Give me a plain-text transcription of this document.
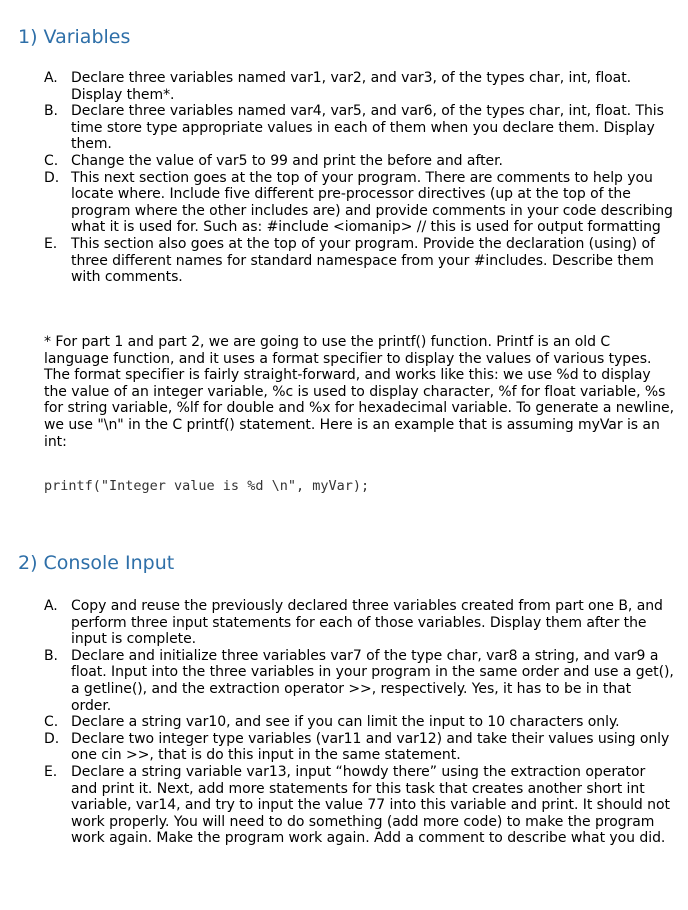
1) Variables
A. Declare three variables named var1, var2, and var3, of the types char, int, float. Display them*.
B. Declare three variables named var4, var5, and var6, of the types char, int, float. This time store type appropriate values in each of them when you declare them. Display them.
C. Change the value of var5 to 99 and print the before and after.
D. This next section goes at the top of your program. There are comments to help you locate where. Include five different pre-processor directives (up at the top of the program where the other includes are) and provide comments in your code describing what it is used for. Such as: #include <iomanip> // this is used for output formatting
E. This section also goes at the top of your program. Provide the declaration (using) of three different names for standard namespace from your #includes. Describe them with comments.

* For part 1 and part 2, we are going to use the printf() function. Printf is an old C language function, and it uses a format specifier to display the values of various types. The format specifier is fairly straight-forward, and works like this: we use %d to display the value of an integer variable, %c is used to display character, %f for float variable, %s for string variable, %lf for double and %x for hexadecimal variable. To generate a newline, we use "\n" in the C printf() statement. Here is an example that is assuming myVar is an int:

printf("Integer value is %d \n", myVar);
2) Console Input
A. Copy and reuse the previously declared three variables created from part one B, and perform three input statements for each of those variables. Display them after the input is complete.
B. Declare and initialize three variables var7 of the type char, var8 a string, and var9 a float. Input into the three variables in your program in the same order and use a get(), a getline(), and the extraction operator >>, respectively. Yes, it has to be in that order.
C. Declare a string var10, and see if you can limit the input to 10 characters only.
D. Declare two integer type variables (var11 and var12) and take their values using only one cin >>, that is do this input in the same statement.
E. Declare a string variable var13, input “howdy there” using the extraction operator and print it. Next, add more statements for this task that creates another short int variable, var14, and try to input the value 77 into this variable and print. It should not work properly. You will need to do something (add more code) to make the program work again. Make the program work again. Add a comment to describe what you did.
